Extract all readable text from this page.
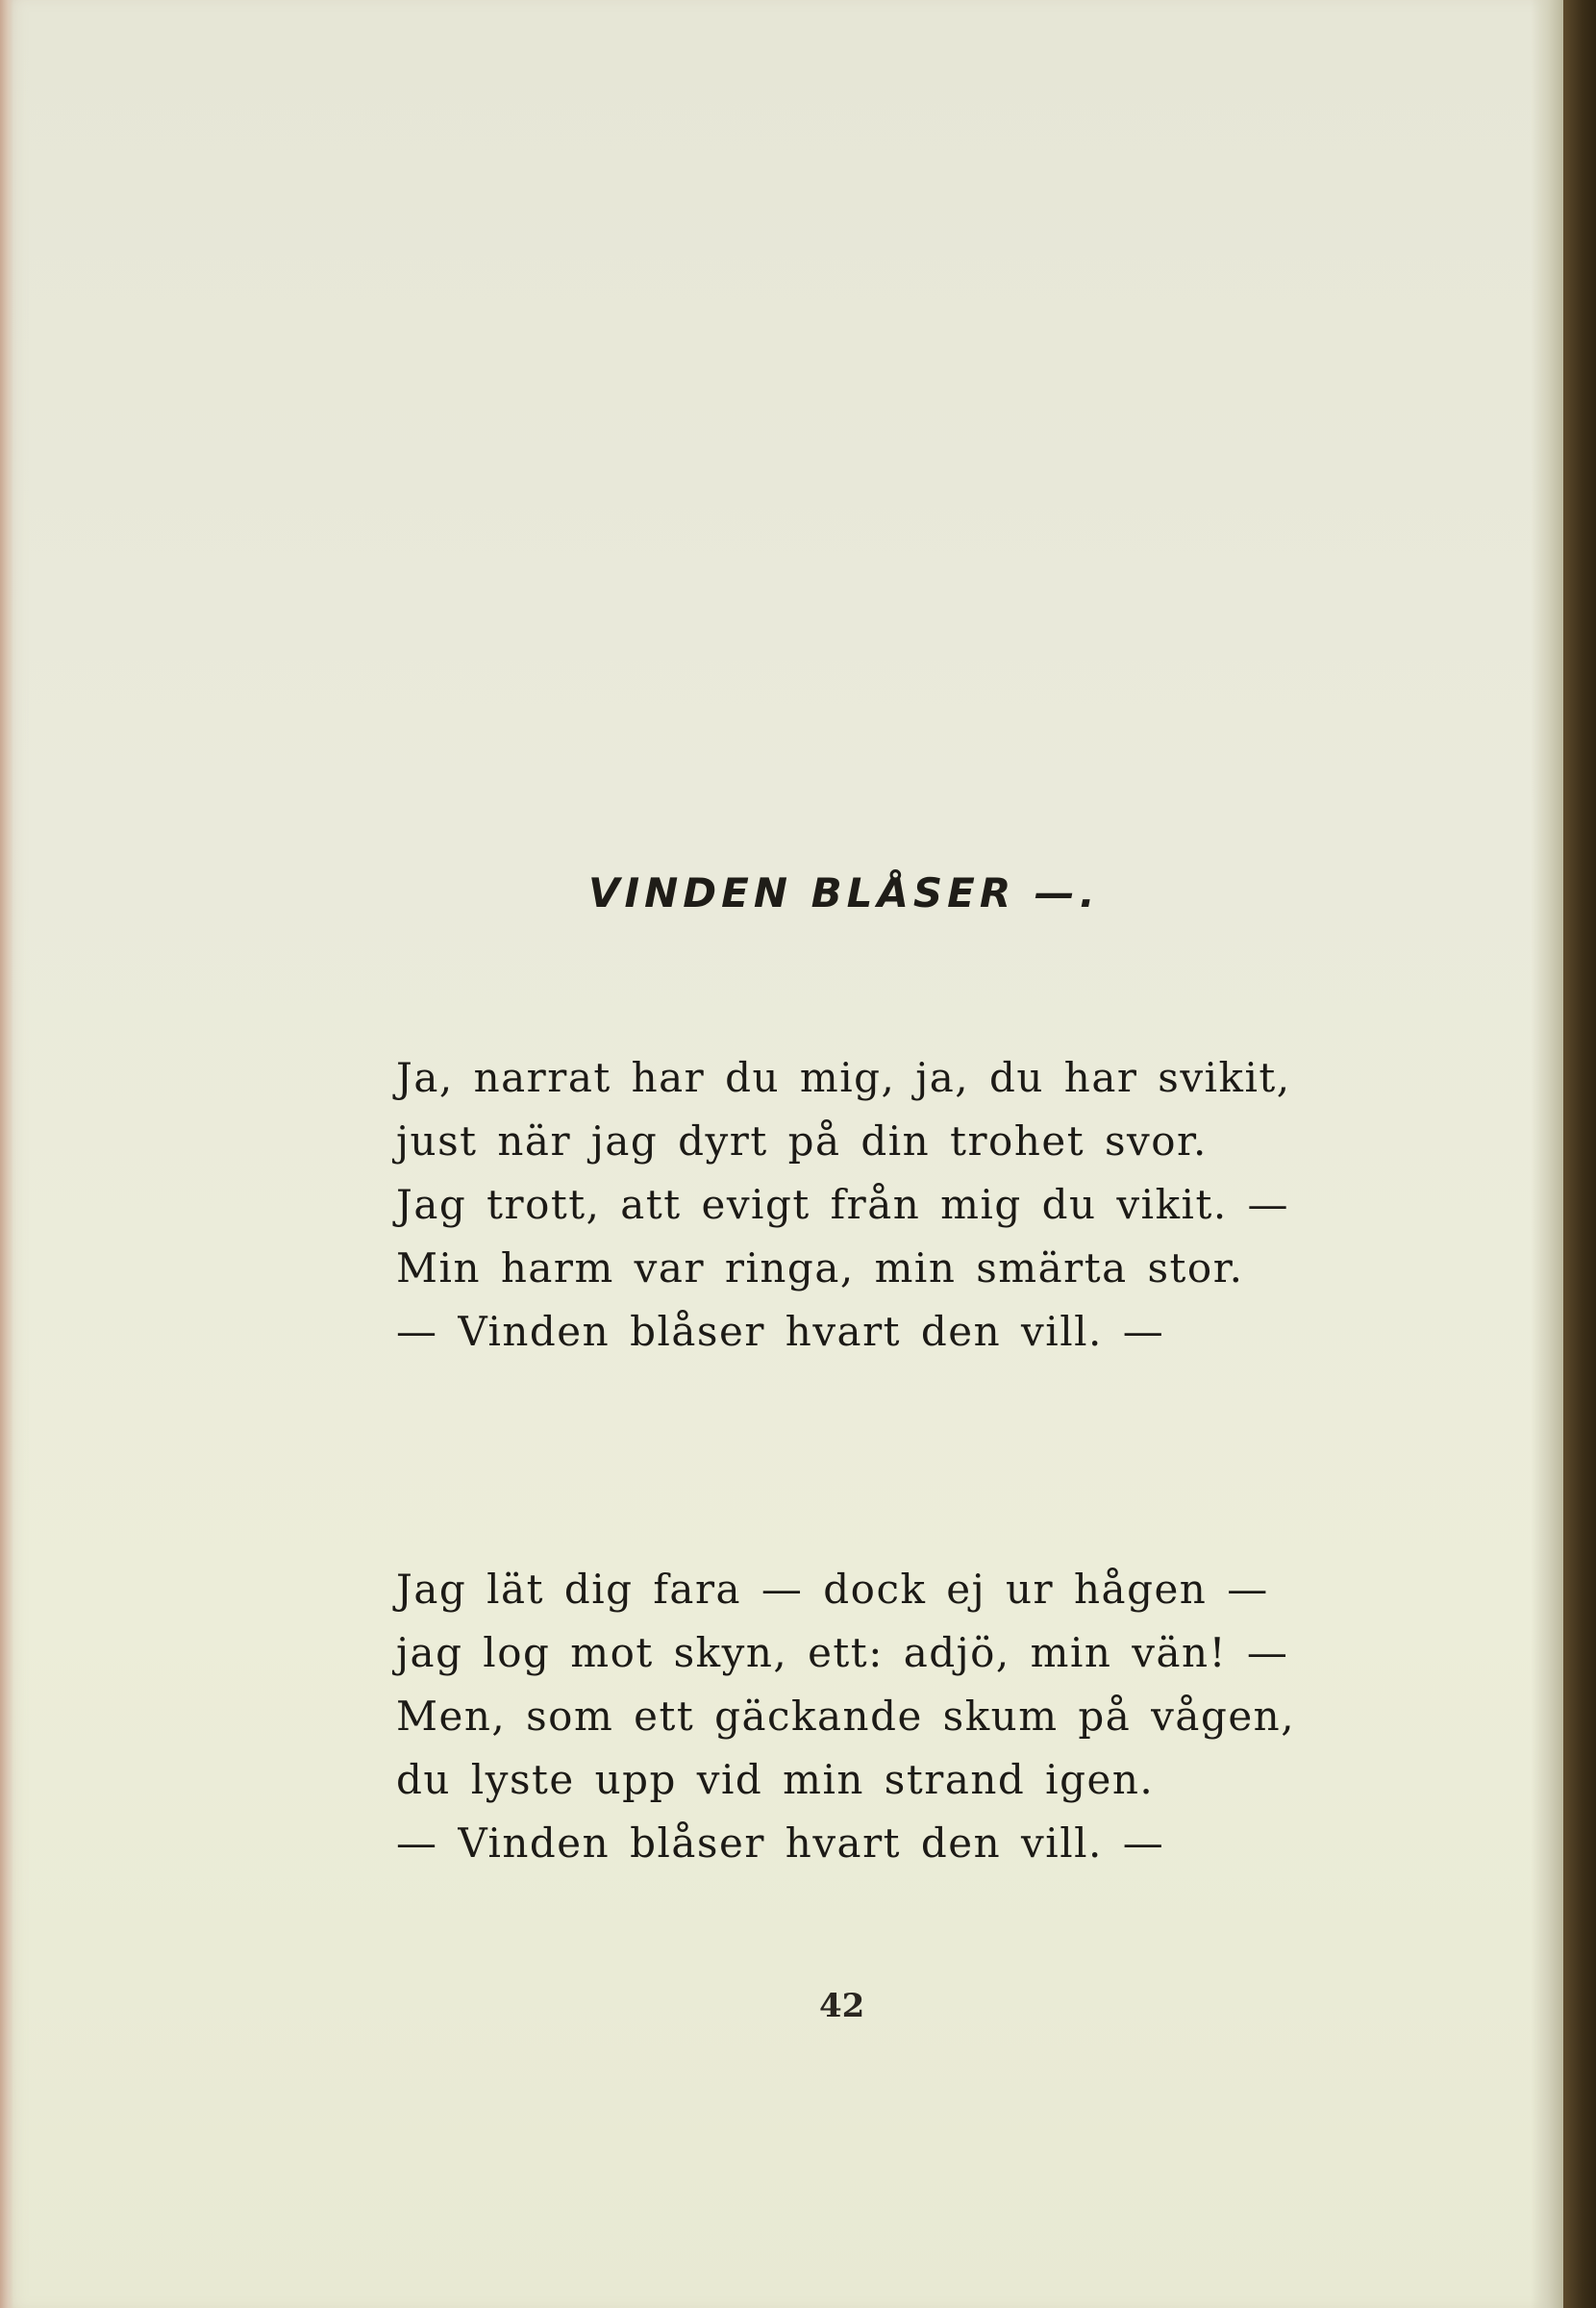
VINDEN BLÅSER —.
Ja, narrat har du mig, ja, du har svikit,
just när jag dyrt på din trohet svor.
Jag trott, att evigt från mig du vikit. —
Min harm var ringa, min smärta stor.
— Vinden blåser hvart den vill. —
Jag lät dig fara — dock ej ur hågen —
jag log mot skyn, ett: adjö, min vän! —
Men, som ett gäckande skum på vågen,
du lyste upp vid min strand igen.
— Vinden blåser hvart den vill. —
42
